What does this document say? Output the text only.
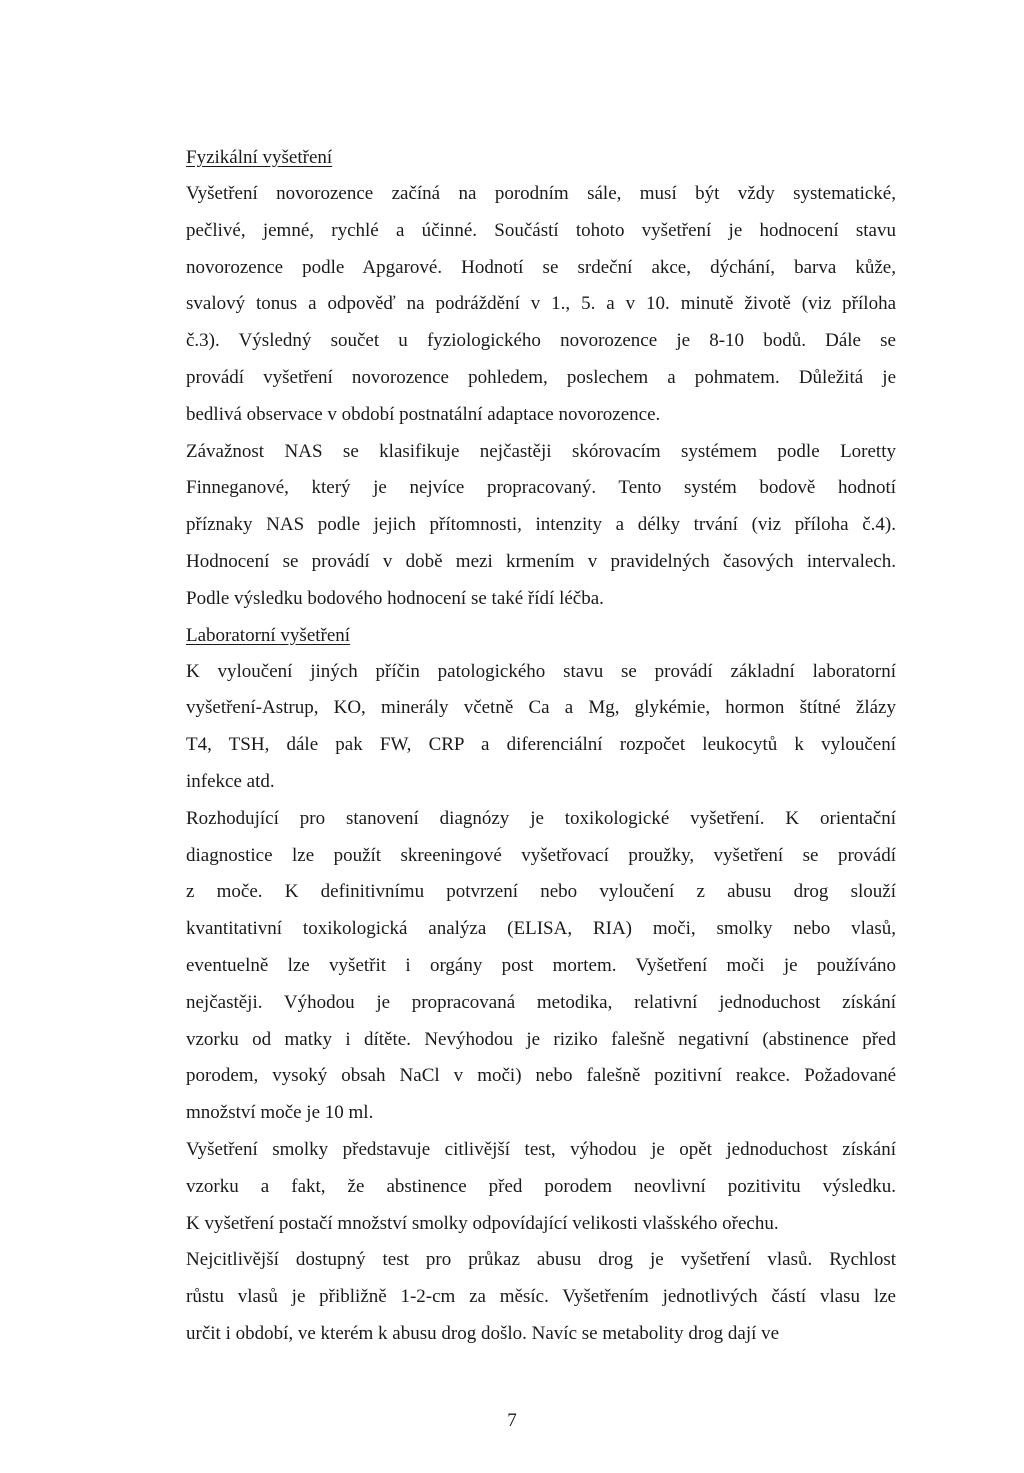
Fyzikální vyšetření

Vyšetření novorozence začíná na porodním sále, musí být vždy systematické,

pečlivé, jemné, rychlé a účinné. Součástí tohoto vyšetření je hodnocení stavu

novorozence podle Apgarové. Hodnotí se srdeční akce, dýchání, barva kůže,

svalový tonus a odpověď na podráždění v 1., 5. a v 10. minutě životě (viz příloha

č.3). Výsledný součet u fyziologického novorozence je 8-10 bodů. Dále se

provádí vyšetření novorozence pohledem, poslechem a pohmatem. Důležitá je

bedlivá observace v období postnatální adaptace novorozence.

Závažnost NAS se klasifikuje nejčastěji skórovacím systémem podle Loretty

Finneganové, který je nejvíce propracovaný. Tento systém bodově hodnotí

příznaky NAS podle jejich přítomnosti, intenzity a délky trvání (viz příloha č.4).

Hodnocení se provádí v době mezi krmením v pravidelných časových intervalech.

Podle výsledku bodového hodnocení se také řídí léčba.

Laboratorní vyšetření

K vyloučení jiných příčin patologického stavu se provádí základní laboratorní

vyšetření-Astrup, KO, minerály včetně Ca a Mg, glykémie, hormon štítné žlázy

T4, TSH, dále pak FW, CRP a diferenciální rozpočet leukocytů k vyloučení

infekce atd.

Rozhodující pro stanovení diagnózy je toxikologické vyšetření. K orientační

diagnostice lze použít skreeningové vyšetřovací proužky, vyšetření se provádí

z moče. K definitivnímu potvrzení nebo vyloučení z abusu drog slouží

kvantitativní toxikologická analýza (ELISA, RIA) moči, smolky nebo vlasů,

eventuelně lze vyšetřit i orgány post mortem. Vyšetření moči je používáno

nejčastěji. Výhodou je propracovaná metodika, relativní jednoduchost získání

vzorku od matky i dítěte. Nevýhodou je riziko falešně negativní (abstinence před

porodem, vysoký obsah NaCl v moči) nebo falešně pozitivní reakce. Požadované

množství moče je 10 ml.

Vyšetření smolky představuje citlivější test, výhodou je opět jednoduchost získání

vzorku a fakt, že abstinence před porodem neovlivní pozitivitu výsledku.

K vyšetření postačí množství smolky odpovídající velikosti vlašského ořechu.

Nejcitlivější dostupný test pro průkaz abusu drog je vyšetření vlasů. Rychlost

růstu vlasů je přibližně 1-2-cm za měsíc. Vyšetřením jednotlivých částí vlasu lze

určit i období, ve kterém k abusu drog došlo. Navíc se metabolity drog dají ve

7
